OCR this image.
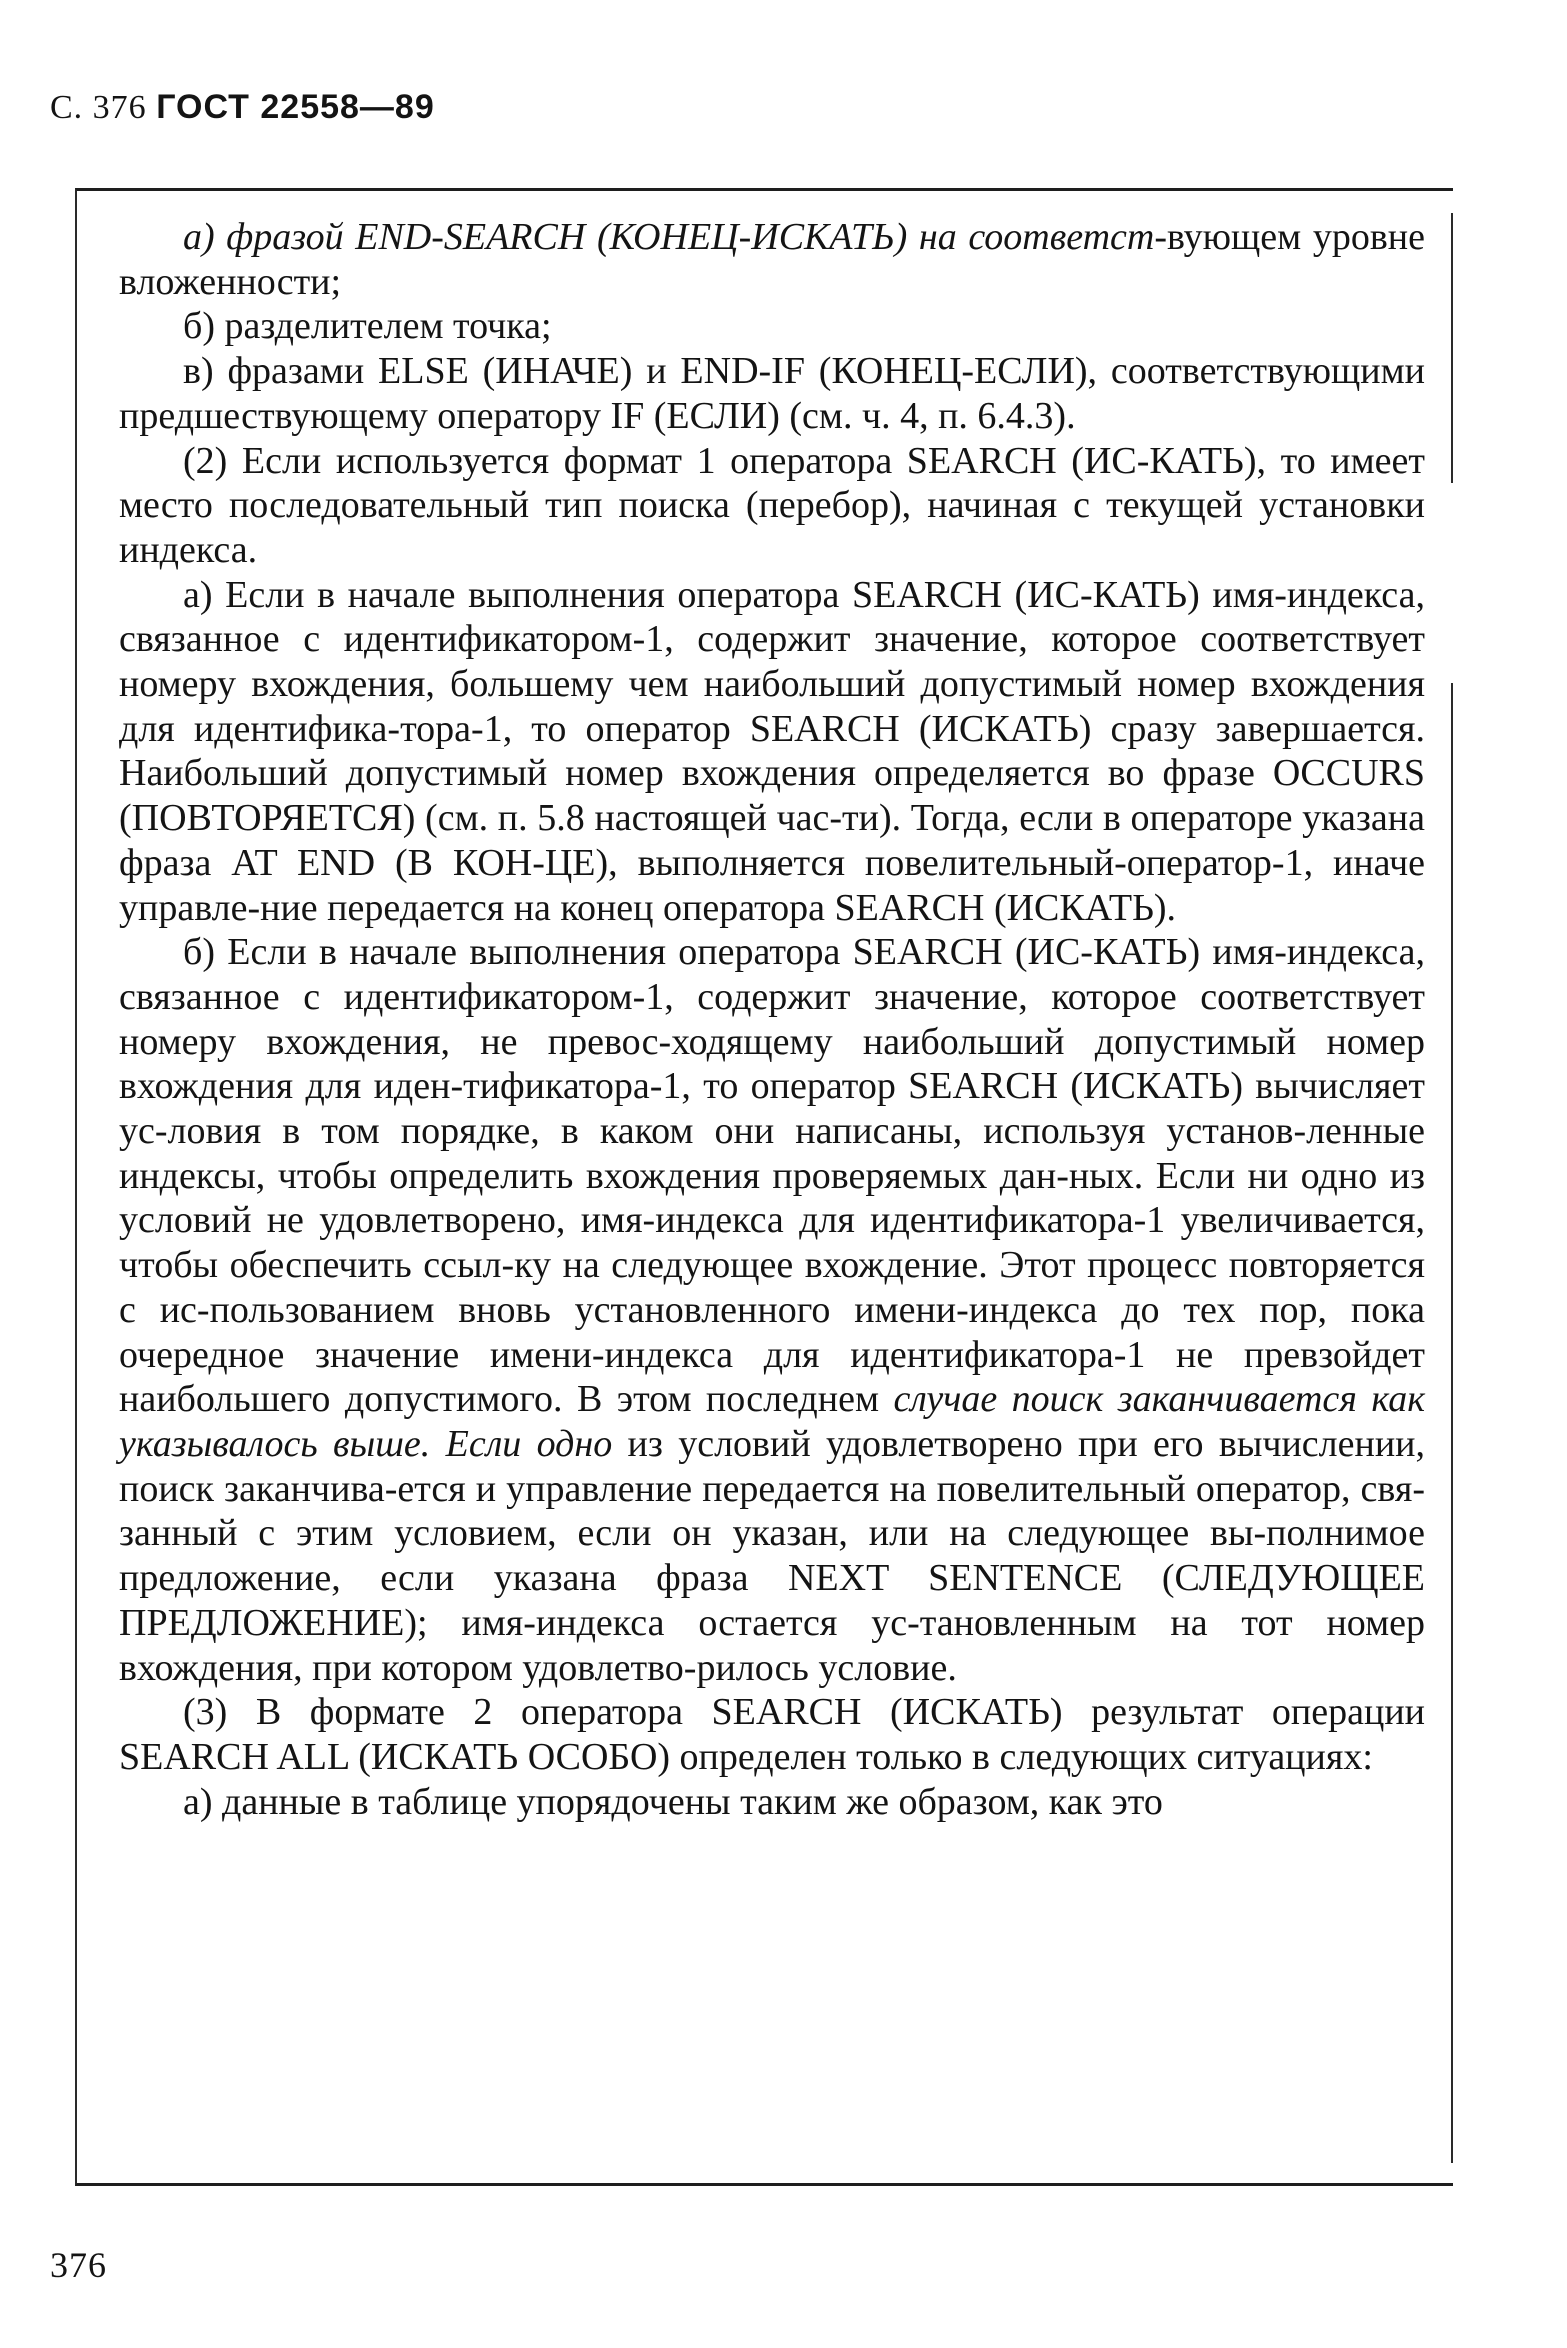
С. 376 ГОСТ 22558—89

а) фразой END-SEARCH (КОНЕЦ-ИСКАТЬ) на соответст-вующем уровне вложенности;

б) разделителем точка;

в) фразами ELSE (ИНАЧЕ) и END-IF (КОНЕЦ-ЕСЛИ), соответствующими предшествующему оператору IF (ЕСЛИ) (см. ч. 4, п. 6.4.3).

(2) Если используется формат 1 оператора SEARCH (ИС-КАТЬ), то имеет место последовательный тип поиска (перебор), начиная с текущей установки индекса.

а) Если в начале выполнения оператора SEARCH (ИС-КАТЬ) имя-индекса, связанное с идентификатором-1, содержит значение, которое соответствует номеру вхождения, большему чем наибольший допустимый номер вхождения для идентифика-тора-1, то оператор SEARCH (ИСКАТЬ) сразу завершается. Наибольший допустимый номер вхождения определяется во фразе OCCURS (ПОВТОРЯЕТСЯ) (см. п. 5.8 настоящей час-ти). Тогда, если в операторе указана фраза AT END (В КОН-ЦЕ), выполняется повелительный-оператор-1, иначе управле-ние передается на конец оператора SEARCH (ИСКАТЬ).

б) Если в начале выполнения оператора SEARCH (ИС-КАТЬ) имя-индекса, связанное с идентификатором-1, содержит значение, которое соответствует номеру вхождения, не превос-ходящему наибольший допустимый номер вхождения для иден-тификатора-1, то оператор SEARCH (ИСКАТЬ) вычисляет ус-ловия в том порядке, в каком они написаны, используя установ-ленные индексы, чтобы определить вхождения проверяемых дан-ных. Если ни одно из условий не удовлетворено, имя-индекса для идентификатора-1 увеличивается, чтобы обеспечить ссыл-ку на следующее вхождение. Этот процесс повторяется с ис-пользованием вновь установленного имени-индекса до тех пор, пока очередное значение имени-индекса для идентификатора-1 не превзойдет наибольшего допустимого. В этом последнем случае поиск заканчивается как указывалось выше. Если одно из условий удовлетворено при его вычислении, поиск заканчива-ется и управление передается на повелительный оператор, свя-занный с этим условием, если он указан, или на следующее вы-полнимое предложение, если указана фраза NEXT SENTENCE (СЛЕДУЮЩЕЕ ПРЕДЛОЖЕНИЕ); имя-индекса остается ус-тановленным на тот номер вхождения, при котором удовлетво-рилось условие.

(3) В формате 2 оператора SEARCH (ИСКАТЬ) результат операции SEARCH ALL (ИСКАТЬ ОСОБО) определен только в следующих ситуациях:

а) данные в таблице упорядочены таким же образом, как это

376
